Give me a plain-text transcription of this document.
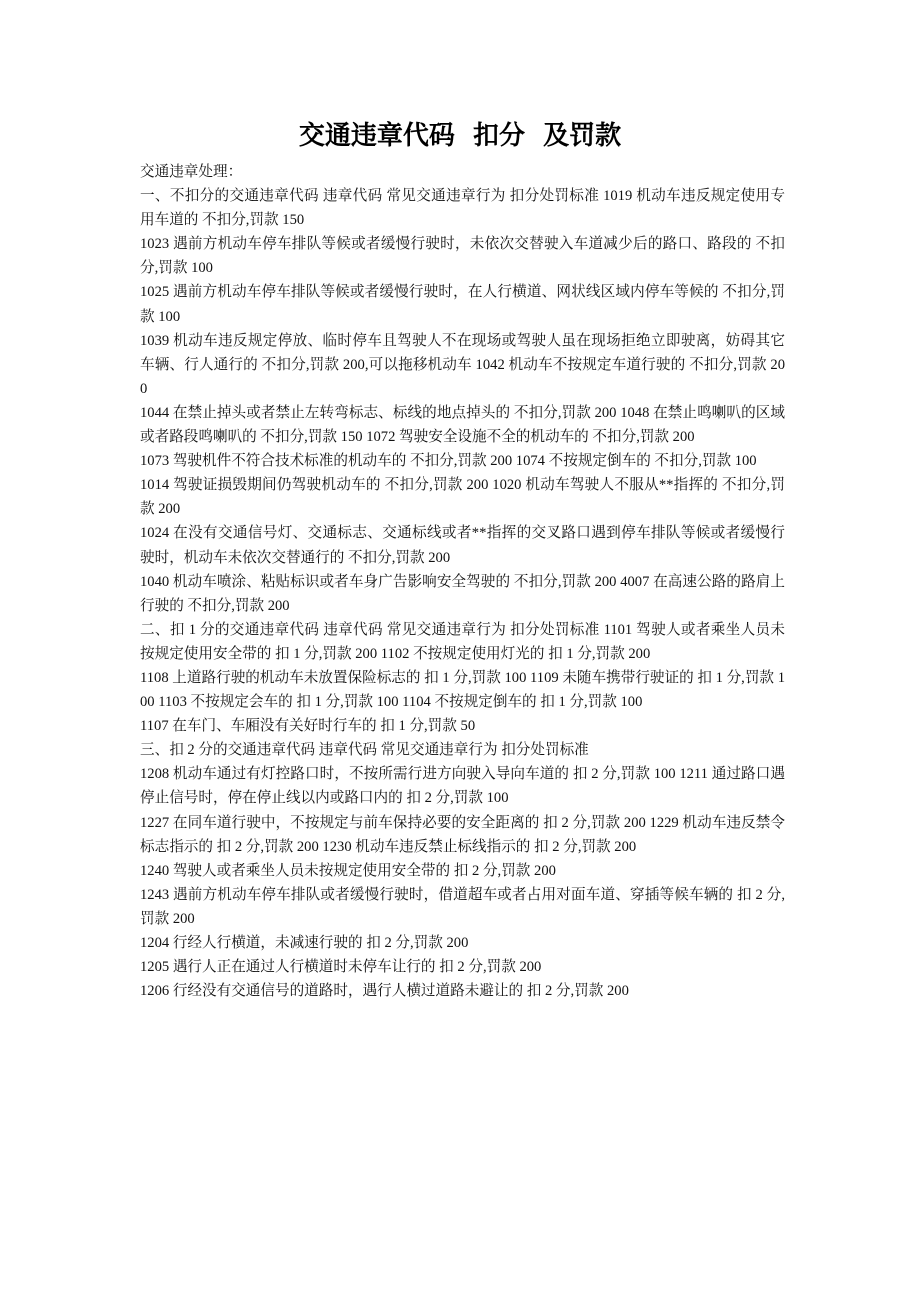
交通违章代码  扣分  及罚款

交通违章处理：

一、不扣分的交通违章代码 违章代码 常见交通违章行为 扣分处罚标准 1019 机动车违反规定使用专用车道的 不扣分,罚款 150

1023 遇前方机动车停车排队等候或者缓慢行驶时，未依次交替驶入车道减少后的路口、路段的 不扣分,罚款 100

1025 遇前方机动车停车排队等候或者缓慢行驶时，在人行横道、网状线区域内停车等候的 不扣分,罚款 100

1039 机动车违反规定停放、临时停车且驾驶人不在现场或驾驶人虽在现场拒绝立即驶离，妨碍其它车辆、行人通行的 不扣分,罚款 200,可以拖移机动车 1042 机动车不按规定车道行驶的 不扣分,罚款 200

1044 在禁止掉头或者禁止左转弯标志、标线的地点掉头的 不扣分,罚款 200 1048 在禁止鸣喇叭的区域或者路段鸣喇叭的 不扣分,罚款 150 1072 驾驶安全设施不全的机动车的 不扣分,罚款 200

1073 驾驶机件不符合技术标准的机动车的 不扣分,罚款 200 1074 不按规定倒车的 不扣分,罚款 100

1014 驾驶证损毁期间仍驾驶机动车的 不扣分,罚款 200 1020 机动车驾驶人不服从**指挥的 不扣分,罚款 200

1024 在没有交通信号灯、交通标志、交通标线或者**指挥的交叉路口遇到停车排队等候或者缓慢行驶时，机动车未依次交替通行的 不扣分,罚款 200

1040 机动车喷涂、粘贴标识或者车身广告影响安全驾驶的 不扣分,罚款 200 4007 在高速公路的路肩上行驶的 不扣分,罚款 200

二、扣 1 分的交通违章代码 违章代码 常见交通违章行为 扣分处罚标准 1101 驾驶人或者乘坐人员未按规定使用安全带的 扣 1 分,罚款 200 1102 不按规定使用灯光的 扣 1 分,罚款 200

1108 上道路行驶的机动车未放置保险标志的 扣 1 分,罚款 100 1109 未随车携带行驶证的 扣 1 分,罚款 100 1103 不按规定会车的 扣 1 分,罚款 100 1104 不按规定倒车的 扣 1 分,罚款 100

1107 在车门、车厢没有关好时行车的 扣 1 分,罚款 50

三、扣 2 分的交通违章代码 违章代码 常见交通违章行为 扣分处罚标准

1208 机动车通过有灯控路口时，不按所需行进方向驶入导向车道的 扣 2 分,罚款 100 1211 通过路口遇停止信号时，停在停止线以内或路口内的 扣 2 分,罚款 100

1227 在同车道行驶中，不按规定与前车保持必要的安全距离的 扣 2 分,罚款 200 1229 机动车违反禁令标志指示的 扣 2 分,罚款 200 1230 机动车违反禁止标线指示的 扣 2 分,罚款 200

1240 驾驶人或者乘坐人员未按规定使用安全带的 扣 2 分,罚款 200

1243 遇前方机动车停车排队或者缓慢行驶时，借道超车或者占用对面车道、穿插等候车辆的 扣 2 分,罚款 200

1204 行经人行横道，未减速行驶的 扣 2 分,罚款 200

1205 遇行人正在通过人行横道时未停车让行的 扣 2 分,罚款 200

1206 行经没有交通信号的道路时，遇行人横过道路未避让的 扣 2 分,罚款 200
